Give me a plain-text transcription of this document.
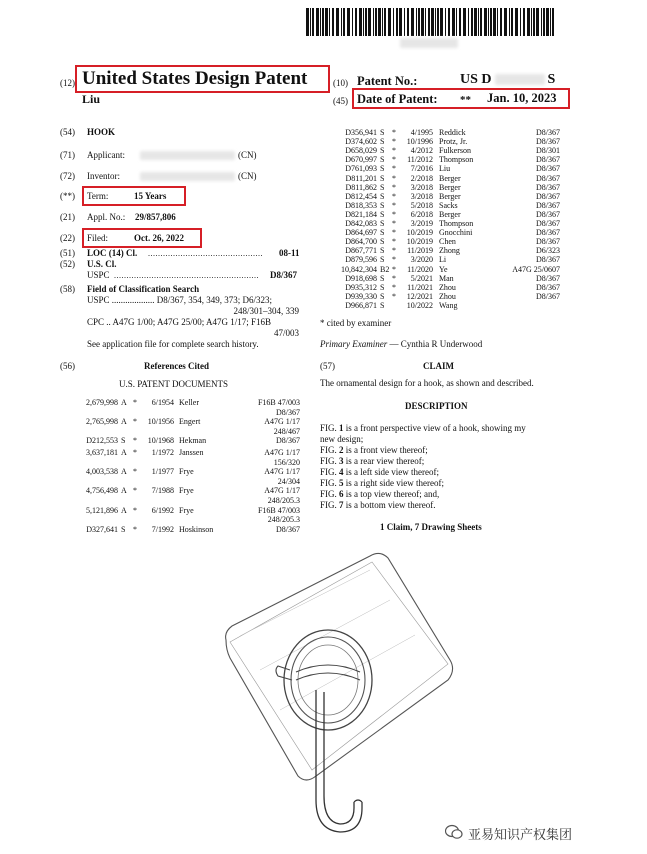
(12) United States Design Patent
Liu
(10) Patent No.:	US D	S
(45) Date of Patent: ** Jan. 10, 2023
(54) HOOK
(71) Applicant:	(CN)
(72) Inventor:	(CN)
(**) Term:	15 Years
(21) Appl. No.: 29/857,806
(22) Filed:	Oct. 26, 2022
(51) LOC (14) Cl. .............................................. 08-11
(52) U.S. Cl.
USPC .......................................................... D8/367
(58) Field of Classification Search
USPC ................... D8/367, 354, 349, 373; D6/323;
248/301–304, 339
CPC .. A47G 1/00; A47G 25/00; A47G 1/17; F16B
47/003
See application file for complete search history.
(56)	References Cited
U.S. PATENT DOCUMENTS
2,679,998 A * 6/1954 Keller	F16B 47/003
D8/367
2,765,998 A * 10/1956 Engert	A47G 1/17
248/467
D212,553 S * 10/1968 Hekman	D8/367
3,637,181 A * 1/1972 Janssen	A47G 1/17
156/320
4,003,538 A * 1/1977 Frye	A47G 1/17
24/304
4,756,498 A * 7/1988 Frye	A47G 1/17
248/205.3
5,121,896 A * 6/1992 Frye	F16B 47/003
248/205.3
D327,641 S * 7/1992 Hoskinson	D8/367
D356,941 S * 4/1995 Reddick	D8/367
D374,602 S * 10/1996 Protz, Jr.	D8/367
D658,029 S * 4/2012 Fulkerson	D8/301
D670,997 S * 11/2012 Thompson	D8/367
D761,093 S * 7/2016 Liu	D8/367
D811,201 S * 2/2018 Berger	D8/367
D811,862 S * 3/2018 Berger	D8/367
D812,454 S * 3/2018 Berger	D8/367
D818,353 S * 5/2018 Sacks	D8/367
D821,184 S * 6/2018 Berger	D8/367
D842,083 S * 3/2019 Thompson	D8/367
D864,697 S * 10/2019 Gnocchini	D8/367
D864,700 S * 10/2019 Chen	D8/367
D867,771 S * 11/2019 Zhong	D6/323
D879,596 S * 3/2020 Li	D8/367
10,842,304 B2 * 11/2020 Ye	A47G 25/0607
D918,698 S * 5/2021 Man	D8/367
D935,312 S * 11/2021 Zhou	D8/367
D939,330 S * 12/2021 Zhou	D8/367
D966,871 S	10/2022 Wang
* cited by examiner
Primary Examiner — Cynthia R Underwood
(57)	CLAIM
The ornamental design for a hook, as shown and described.
DESCRIPTION
FIG. 1 is a front perspective view of a hook, showing my
new design;
FIG. 2 is a front view thereof;
FIG. 3 is a rear view thereof;
FIG. 4 is a left side view thereof;
FIG. 5 is a right side view thereof;
FIG. 6 is a top view thereof; and,
FIG. 7 is a bottom view thereof.
1 Claim, 7 Drawing Sheets
亚易知识产权集团
